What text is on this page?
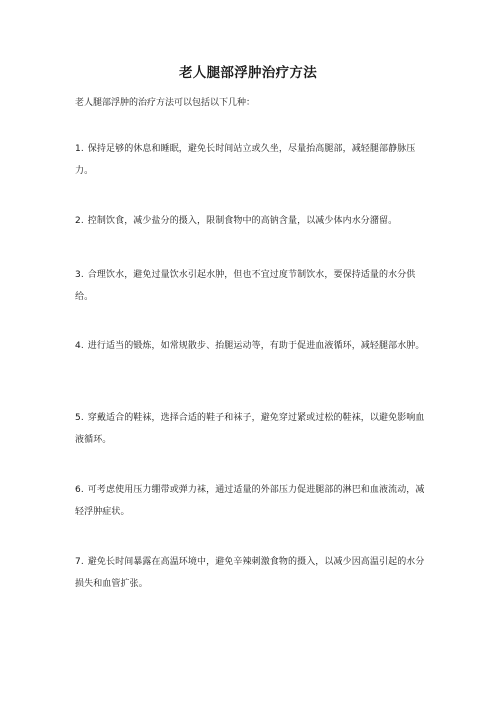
老人腿部浮肿治疗方法
老人腿部浮肿的治疗方法可以包括以下几种：
1. 保持足够的休息和睡眠，避免长时间站立或久坐，尽量抬高腿部，减轻腿部静脉压力。
2. 控制饮食，减少盐分的摄入，限制食物中的高钠含量，以减少体内水分潴留。
3. 合理饮水，避免过量饮水引起水肿，但也不宜过度节制饮水，要保持适量的水分供给。
4. 进行适当的锻炼，如常规散步、抬腿运动等，有助于促进血液循环，减轻腿部水肿。
5. 穿戴适合的鞋袜，选择合适的鞋子和袜子，避免穿过紧或过松的鞋袜，以避免影响血液循环。
6. 可考虑使用压力绷带或弹力袜，通过适量的外部压力促进腿部的淋巴和血液流动，减轻浮肿症状。
7. 避免长时间暴露在高温环境中，避免辛辣刺激食物的摄入，以减少因高温引起的水分损失和血管扩张。
